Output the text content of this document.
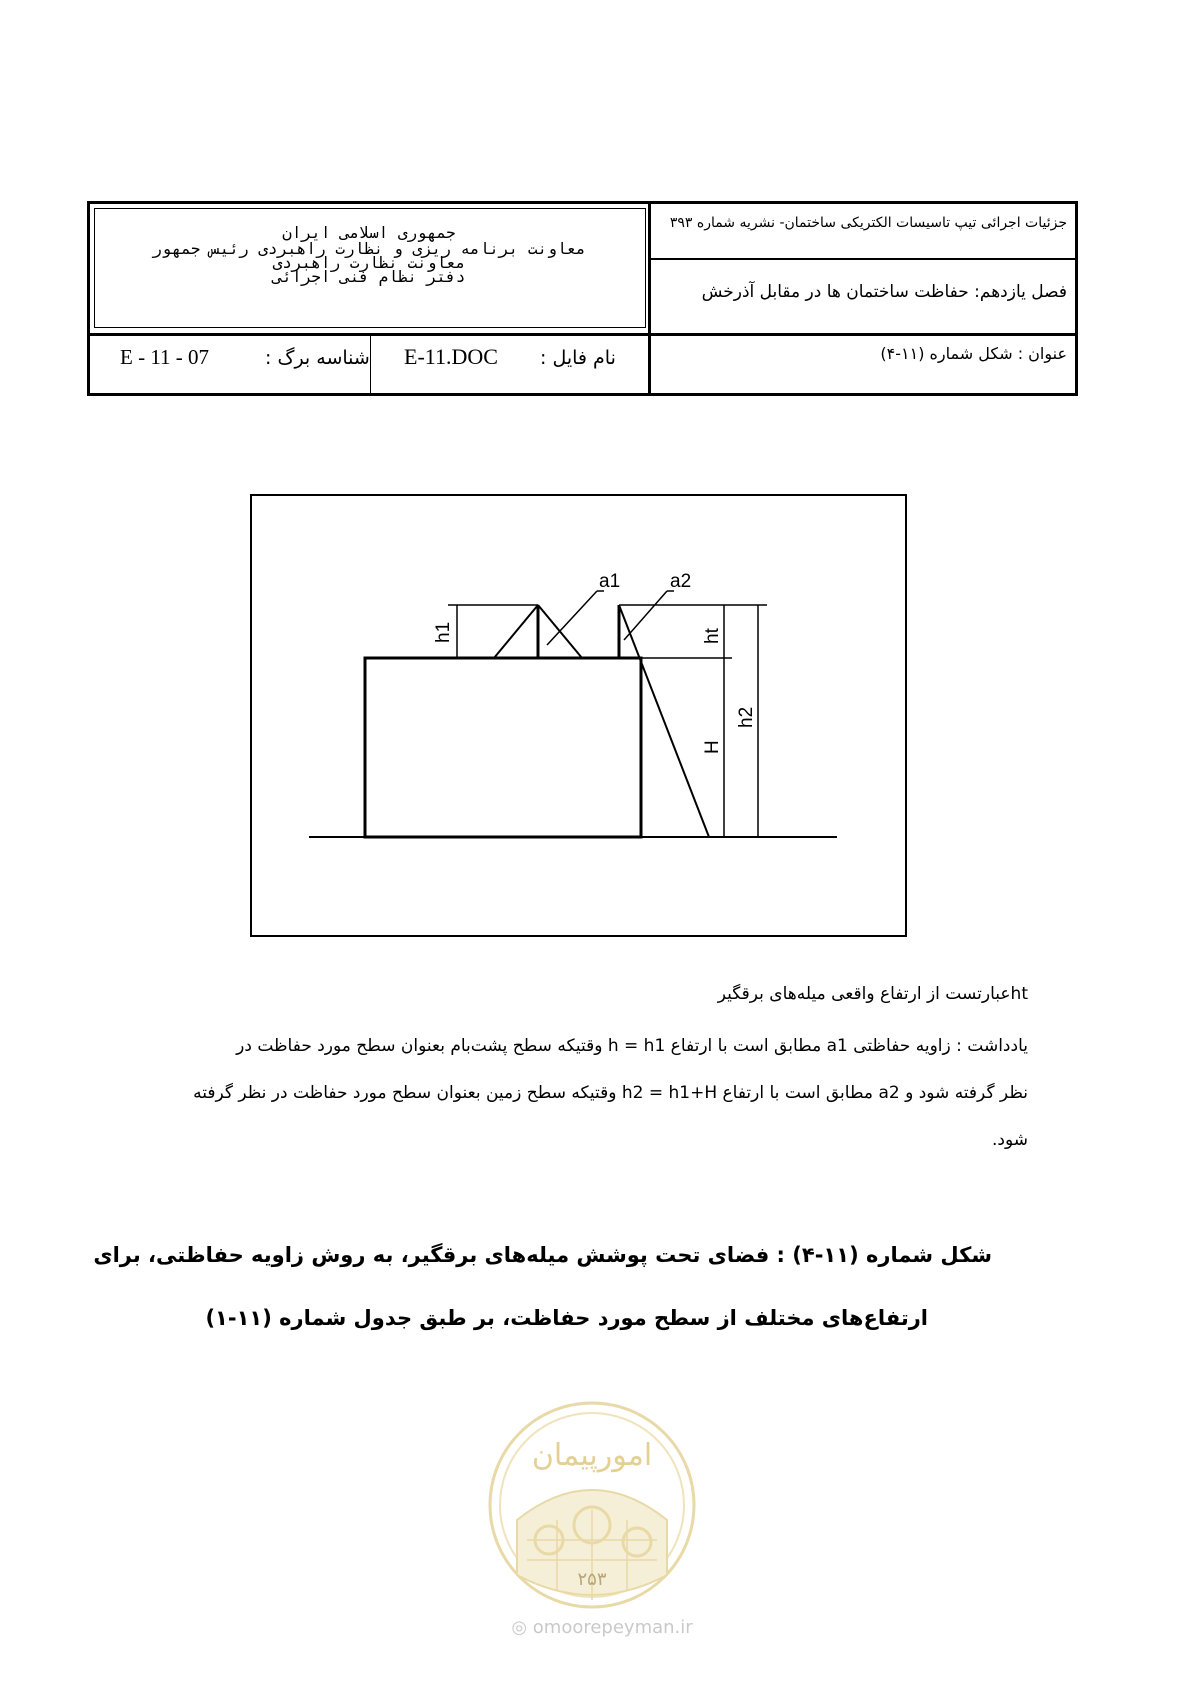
جمهوری اسلامی ایران
معاونت برنامه ریزی و نظارت راهبردی رئیس جمهور
معاونت نظارت راهبردی
دفتر نظام فنی اجرائی
جزئیات اجرائی تیپ تاسیسات الکتریکی ساختمان- نشریه شماره ۳۹۳
فصل یازدهم: حفاظت ساختمان ها در مقابل آذرخش
عنوان : شکل شماره (۱۱-۴)
نام فایل :
E-11.DOC
شناسه برگ :
E - 11 - 07
a1	a2
h1	ht
H
h2
htعبارتست از ارتفاع واقعی میله‌های برقگیر
یادداشت : زاویه حفاظتی a1 مطابق است با ارتفاع h = h1 وقتیکه سطح پشت‌بام بعنوان سطح مورد حفاظت در
نظر گرفته شود و a2 مطابق است با ارتفاع h2 = h1+H وقتیکه سطح زمین بعنوان سطح مورد حفاظت در نظر گرفته
شود.
شکل شماره (۱۱-۴) : فضای تحت پوشش میله‌های برقگیر، به روش زاویه حفاظتی، برای
ارتفاع‌های مختلف از سطح مورد حفاظت، بر طبق جدول شماره (۱۱-۱)
امورپیمان
۲۵۳
◎ omoorepeyman.ir
